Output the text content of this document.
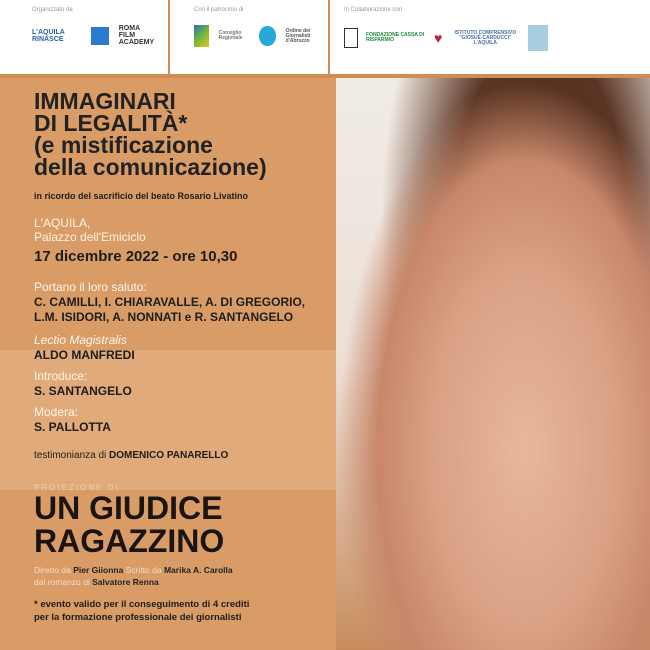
Organizzato da
L'AQUILA RINASCE
ROMA FILM ACADEMY
Con il patrocinio di
Consiglio Regionale
Ordine dei Giornalisti d'Abruzzo
In Collaborazione con
FONDAZIONE CASSA DI RISPARMIO	♥	ISTITUTO COMPRENSIVO "GIOSUÈ CARDUCCI" L'AQUILA
IMMAGINARI
DI LEGALITÀ*
(e mistificazione
della comunicazione)
in ricordo del sacrificio del beato Rosario Livatino
L'AQUILA,
Palazzo dell'Emiciclo
17 dicembre 2022 - ore 10,30
Portano il loro saluto:
C. CAMILLI, I. CHIARAVALLE, A. DI GREGORIO,
L.M. ISIDORI, A. NONNATI e R. SANTANGELO
Lectio Magistralis
ALDO MANFREDI
Introduce:
S. SANTANGELO
Modera:
S. PALLOTTA
testimonianza di DOMENICO PANARELLO
PROIEZIONE DI
UN GIUDICE
RAGAZZINO
Diretto da Pier Giionna Scritto da Marika A. Carolla
dal romanzo di Salvatore Renna
* evento valido per il conseguimento di 4 crediti
per la formazione professionale dei giornalisti
